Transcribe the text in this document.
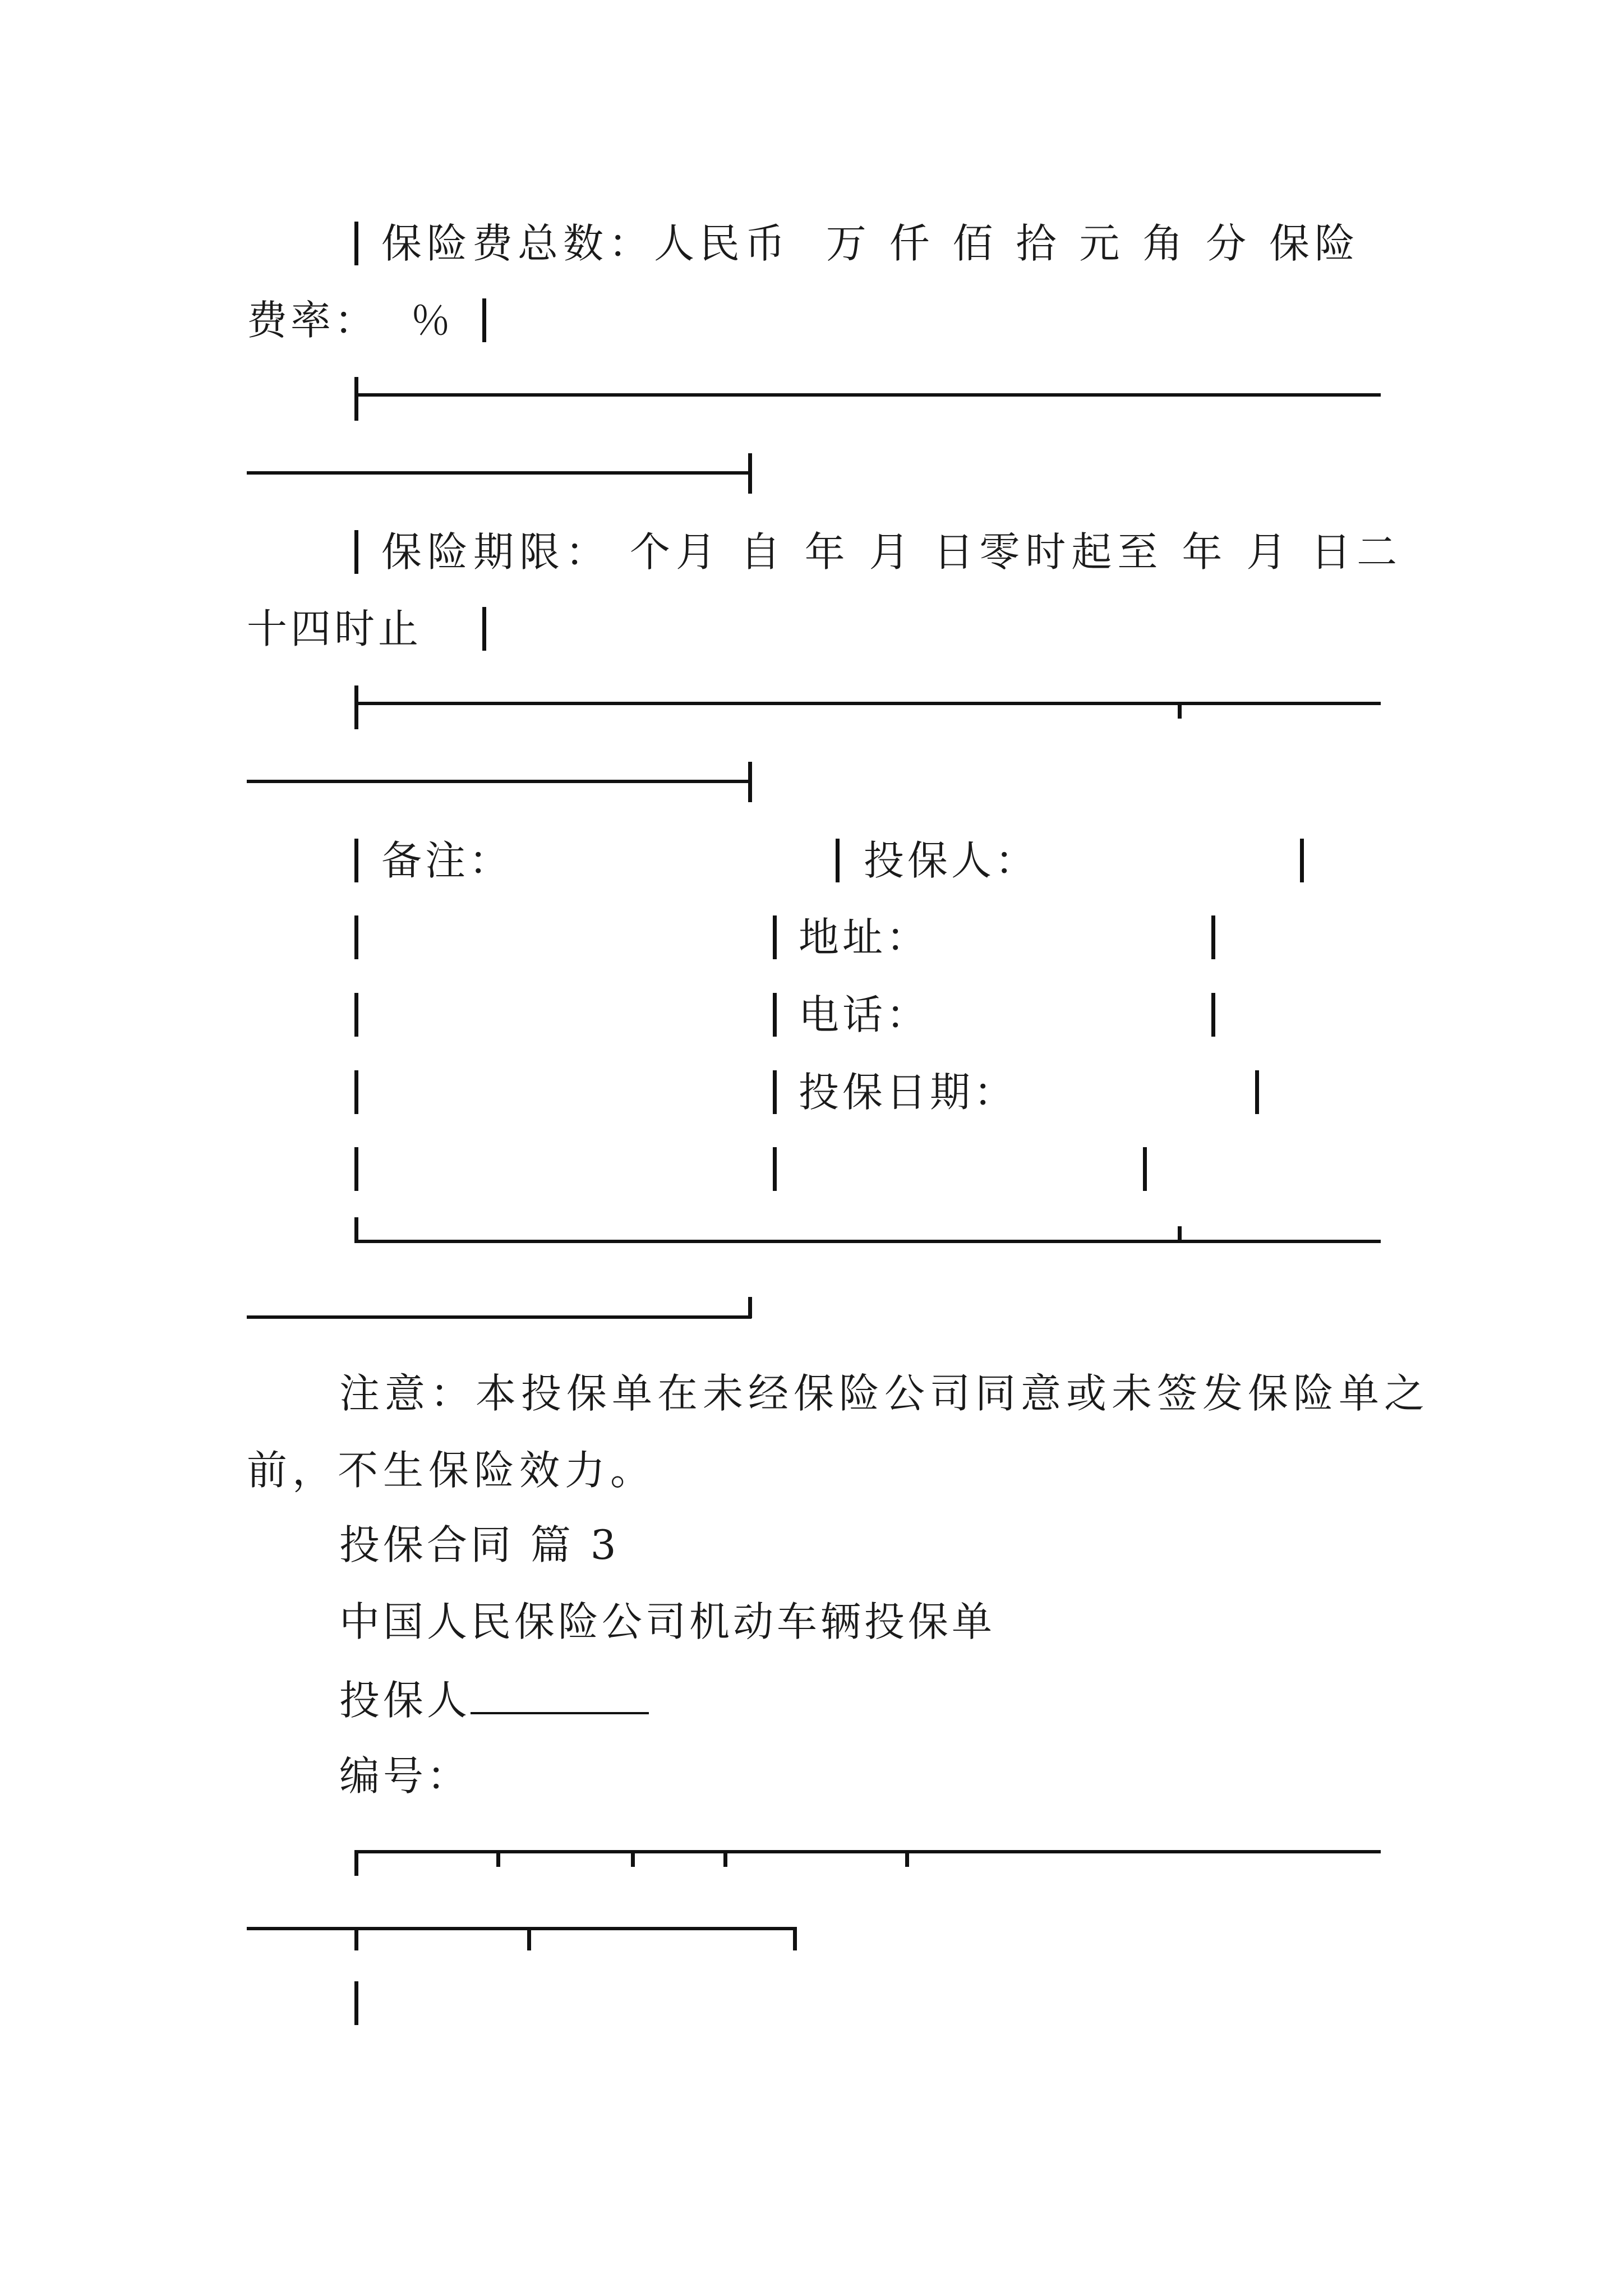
保险费总数：人民币  万 仟 佰 拾 元 角 分 保险
费率：  ％
保险期限： 个月 自 年 月 日零时起至 年 月 日二
十四时止
备注：	投保人：
地址：
电话：
投保日期：
注意：本投保单在未经保险公司同意或未签发保险单之
前，不生保险效力。
投保合同 篇 3
中国人民保险公司机动车辆投保单
投保人
编号：
